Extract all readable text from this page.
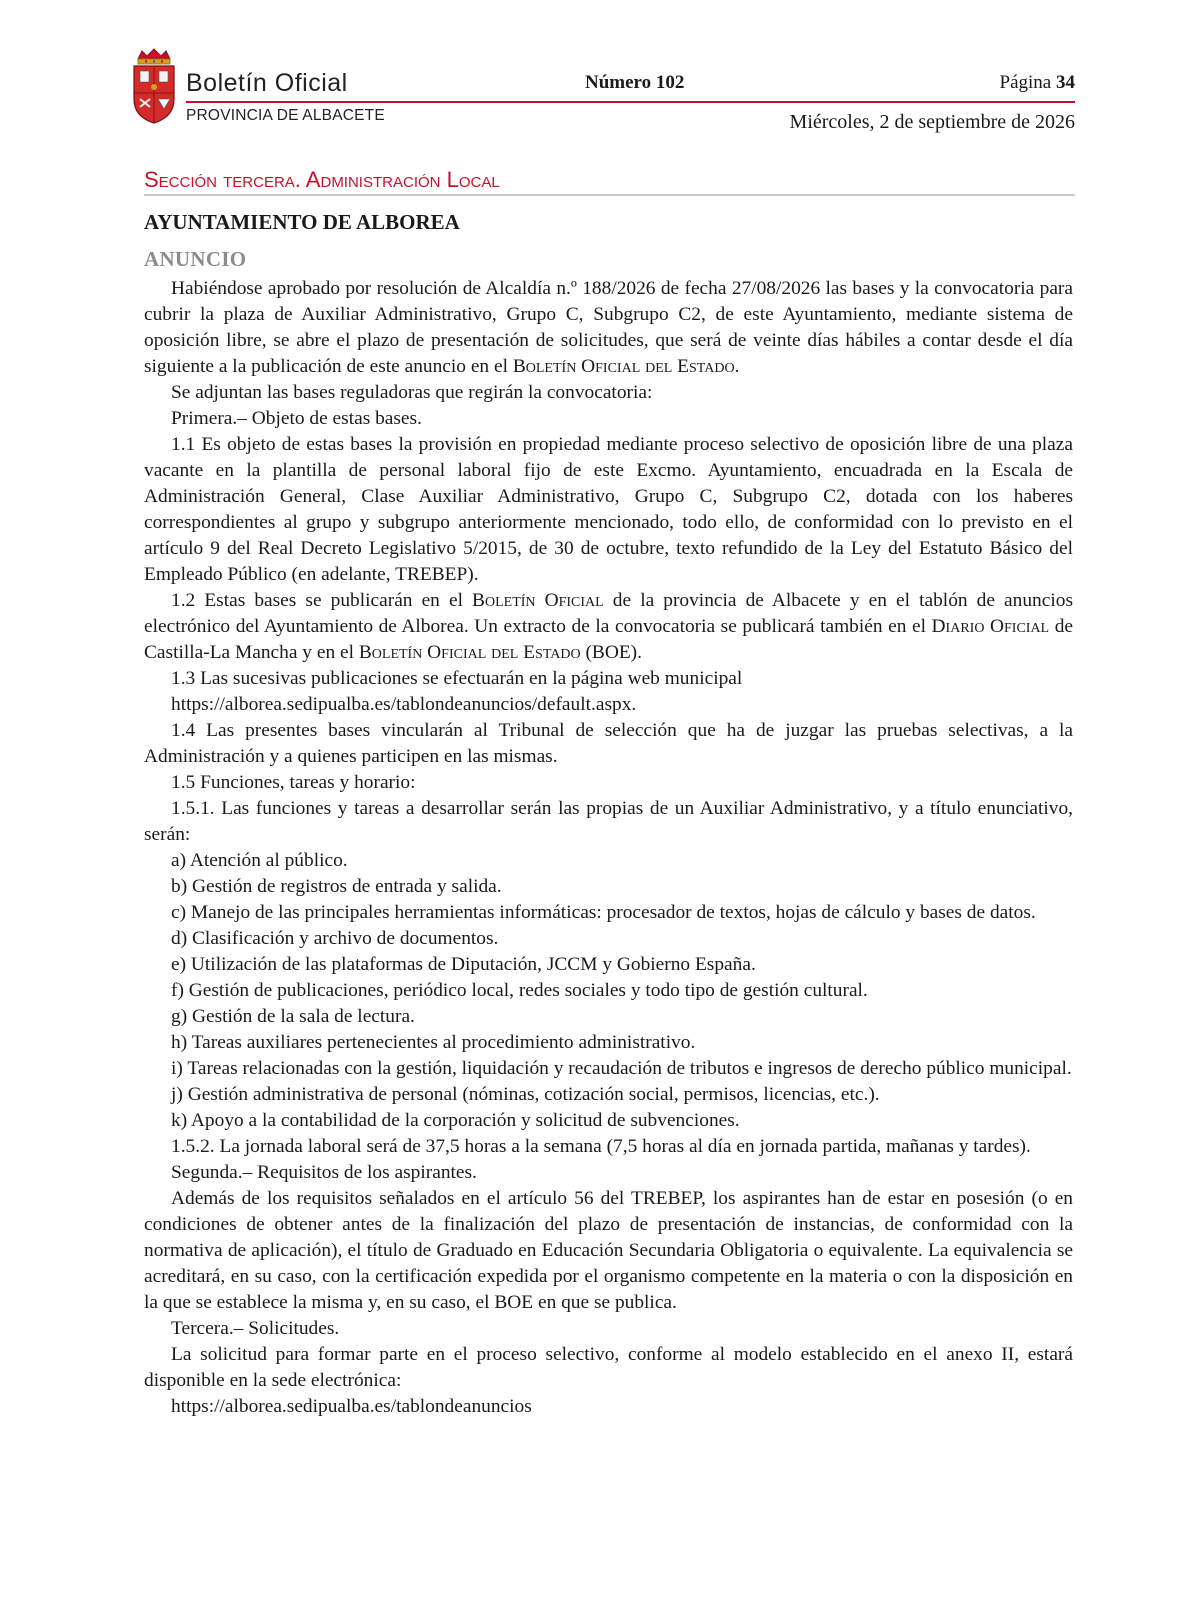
Boletín Oficial
PROVINCIA DE ALBACETE
Número 102	Página 34
Miércoles, 2 de septiembre de 2026
Sección tercera. Administración Local
AYUNTAMIENTO DE ALBOREA
ANUNCIO

Habiéndose aprobado por resolución de Alcaldía n.º 188/2026 de fecha 27/08/2026 las bases y la convocatoria para cubrir la plaza de Auxiliar Administrativo, Grupo C, Subgrupo C2, de este Ayuntamiento, mediante sistema de oposición libre, se abre el plazo de presentación de solicitudes, que será de veinte días hábiles a contar desde el día siguiente a la publicación de este anuncio en el Boletín Oficial del Estado.

Se adjuntan las bases reguladoras que regirán la convocatoria:

Primera.– Objeto de estas bases.

1.1 Es objeto de estas bases la provisión en propiedad mediante proceso selectivo de oposición libre de una plaza vacante en la plantilla de personal laboral fijo de este Excmo. Ayuntamiento, encuadrada en la Escala de Administración General, Clase Auxiliar Administrativo, Grupo C, Subgrupo C2, dotada con los haberes correspondientes al grupo y subgrupo anteriormente mencionado, todo ello, de conformidad con lo previsto en el artículo 9 del Real Decreto Legislativo 5/2015, de 30 de octubre, texto refundido de la Ley del Estatuto Básico del Empleado Público (en adelante, TREBEP).

1.2 Estas bases se publicarán en el Boletín Oficial de la provincia de Albacete y en el tablón de anuncios electrónico del Ayuntamiento de Alborea. Un extracto de la convocatoria se publicará también en el Diario Oficial de Castilla-La Mancha y en el Boletín Oficial del Estado (BOE).

1.3 Las sucesivas publicaciones se efectuarán en la página web municipal

https://alborea.sedipualba.es/tablondeanuncios/default.aspx.

1.4 Las presentes bases vincularán al Tribunal de selección que ha de juzgar las pruebas selectivas, a la Administración y a quienes participen en las mismas.

1.5 Funciones, tareas y horario:

1.5.1. Las funciones y tareas a desarrollar serán las propias de un Auxiliar Administrativo, y a título enunciativo, serán:

a) Atención al público.

b) Gestión de registros de entrada y salida.

c) Manejo de las principales herramientas informáticas: procesador de textos, hojas de cálculo y bases de datos.

d) Clasificación y archivo de documentos.

e) Utilización de las plataformas de Diputación, JCCM y Gobierno España.

f) Gestión de publicaciones, periódico local, redes sociales y todo tipo de gestión cultural.

g) Gestión de la sala de lectura.

h) Tareas auxiliares pertenecientes al procedimiento administrativo.

i) Tareas relacionadas con la gestión, liquidación y recaudación de tributos e ingresos de derecho público municipal.

j) Gestión administrativa de personal (nóminas, cotización social, permisos, licencias, etc.).

k) Apoyo a la contabilidad de la corporación y solicitud de subvenciones.

1.5.2. La jornada laboral será de 37,5 horas a la semana (7,5 horas al día en jornada partida, mañanas y tardes).

Segunda.– Requisitos de los aspirantes.

Además de los requisitos señalados en el artículo 56 del TREBEP, los aspirantes han de estar en posesión (o en condiciones de obtener antes de la finalización del plazo de presentación de instancias, de conformidad con la normativa de aplicación), el título de Graduado en Educación Secundaria Obligatoria o equivalente. La equivalencia se acreditará, en su caso, con la certificación expedida por el organismo competente en la materia o con la disposición en la que se establece la misma y, en su caso, el BOE en que se publica.

Tercera.– Solicitudes.

La solicitud para formar parte en el proceso selectivo, conforme al modelo establecido en el anexo II, estará disponible en la sede electrónica:

https://alborea.sedipualba.es/tablondeanuncios
